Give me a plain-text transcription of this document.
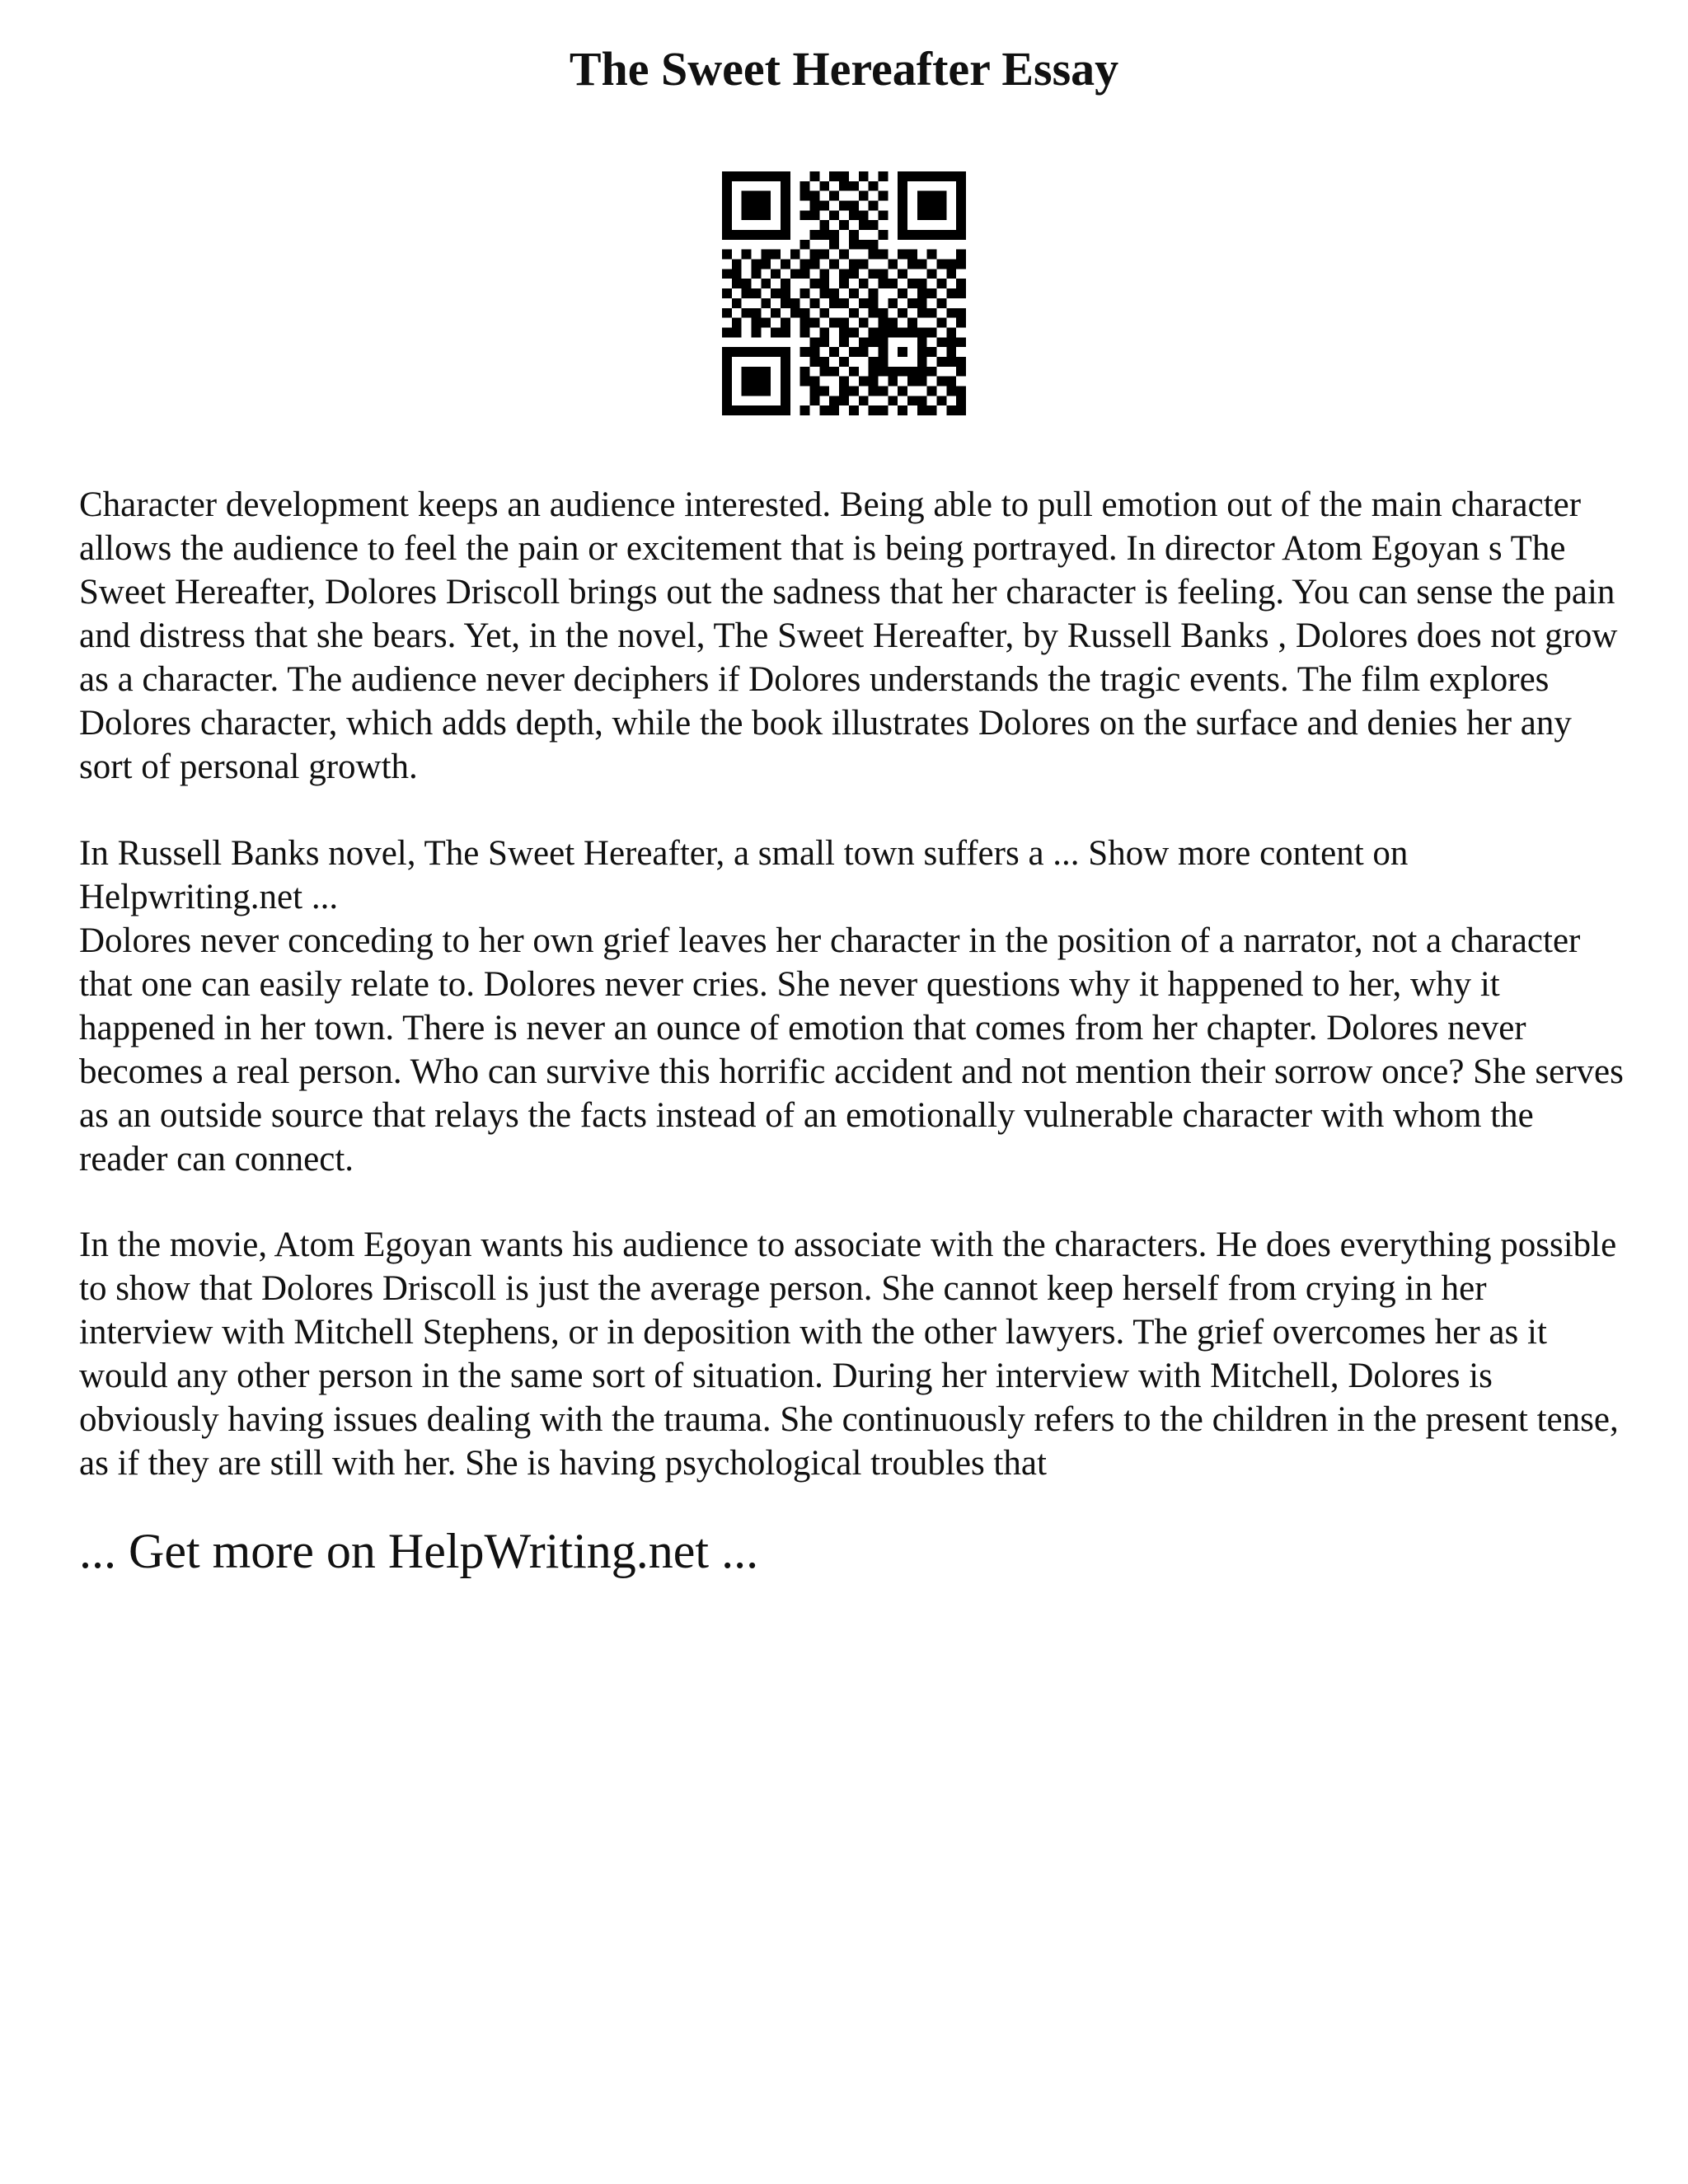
The Sweet Hereafter Essay

Character development keeps an audience interested. Being able to pull emotion out of the main character allows the audience to feel the pain or excitement that is being portrayed. In director Atom Egoyan s The Sweet Hereafter, Dolores Driscoll brings out the sadness that her character is feeling. You can sense the pain and distress that she bears. Yet, in the novel, The Sweet Hereafter, by Russell Banks , Dolores does not grow as a character. The audience never deciphers if Dolores understands the tragic events. The film explores Dolores character, which adds depth, while the book illustrates Dolores on the surface and denies her any sort of personal growth.

In Russell Banks novel, The Sweet Hereafter, a small town suffers a ... Show more content on Helpwriting.net ...

Dolores never conceding to her own grief leaves her character in the position of a narrator, not a character that one can easily relate to. Dolores never cries. She never questions why it happened to her, why it happened in her town. There is never an ounce of emotion that comes from her chapter. Dolores never becomes a real person. Who can survive this horrific accident and not mention their sorrow once? She serves as an outside source that relays the facts instead of an emotionally vulnerable character with whom the reader can connect.

In the movie, Atom Egoyan wants his audience to associate with the characters. He does everything possible to show that Dolores Driscoll is just the average person. She cannot keep herself from crying in her interview with Mitchell Stephens, or in deposition with the other lawyers. The grief overcomes her as it would any other person in the same sort of situation. During her interview with Mitchell, Dolores is obviously having issues dealing with the trauma. She continuously refers to the children in the present tense, as if they are still with her. She is having psychological troubles that

... Get more on HelpWriting.net ...
